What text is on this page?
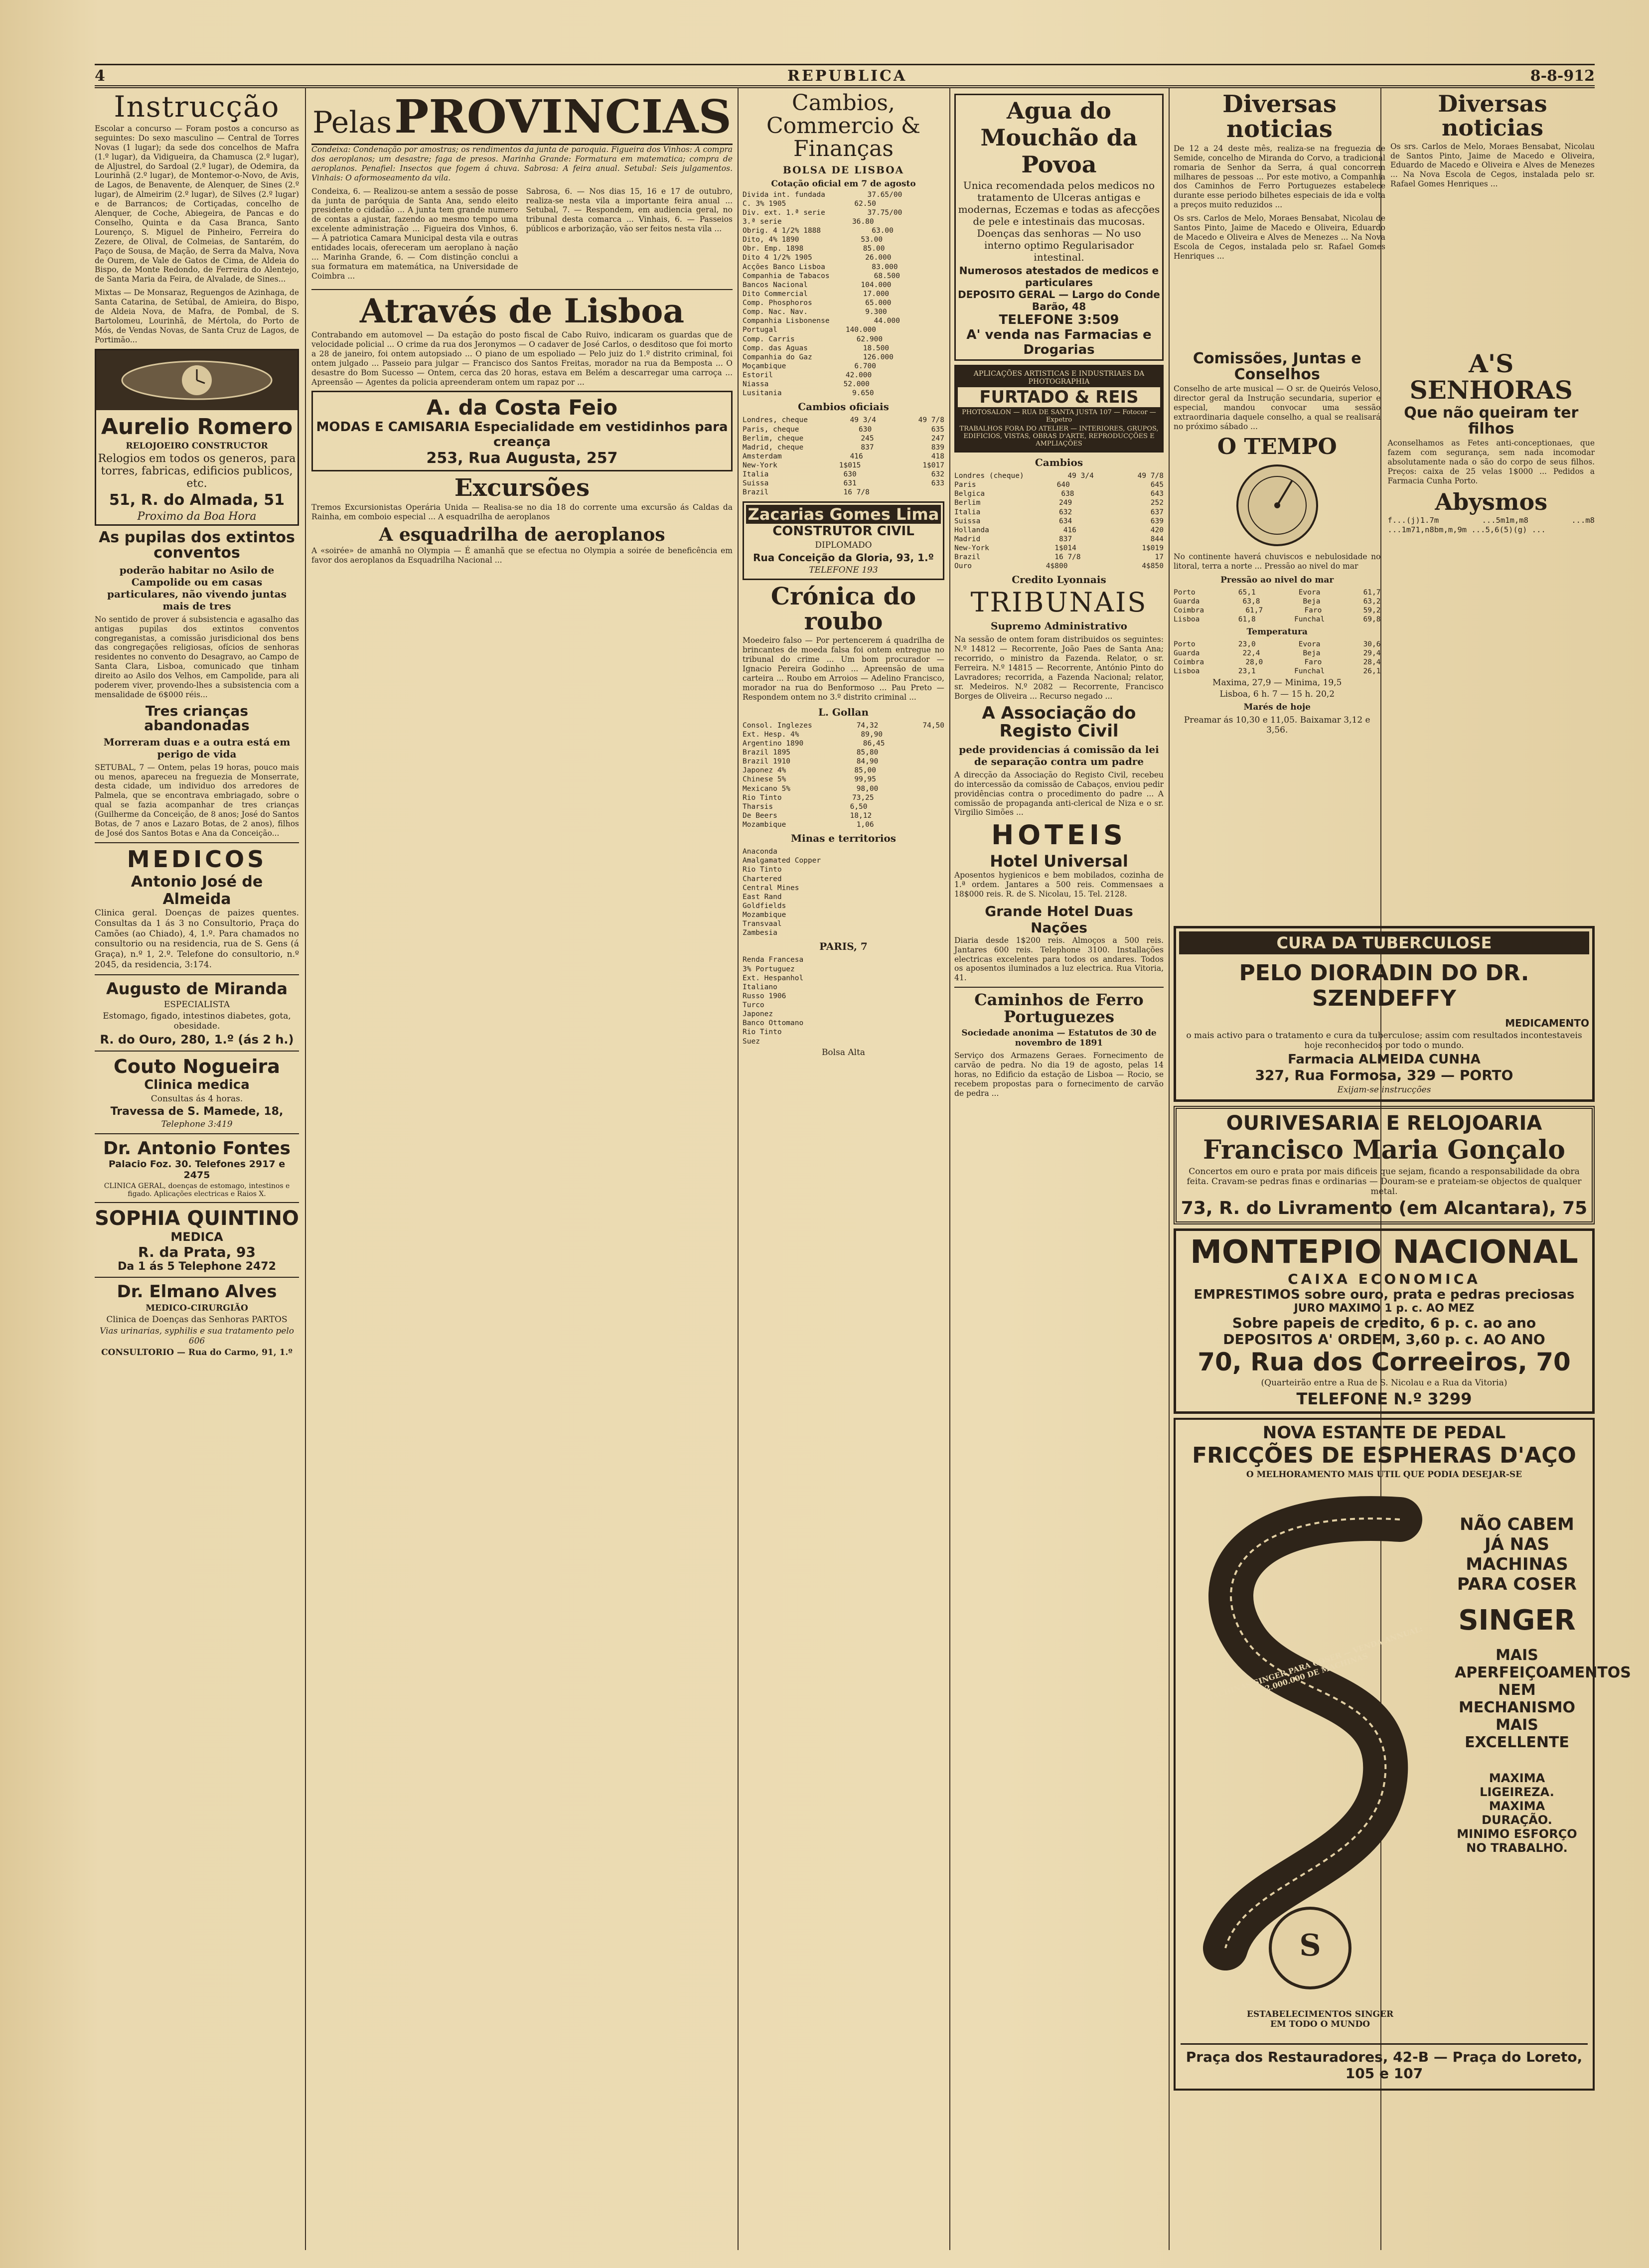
4	REPUBLICA	8-8-912
Instrucção

Escolar a concurso — Foram postos a concurso as seguintes: Do sexo masculino — Central de Torres Novas (1 lugar); da sede dos concelhos de Mafra (1.º lugar), da Vidigueira, da Chamusca (2.º lugar), de Aljustrel, do Sardoal (2.º lugar), de Odemira, da Lourinhã (2.º lugar), de Montemor-o-Novo, de Avis, de Lagos, de Benavente, de Alenquer, de Sines (2.º lugar), de Almeirim (2.º lugar), de Silves (2.º lugar) e de Barrancos; de Cortiçadas, concelho de Alenquer, de Coche, Abiegeira, de Pancas e do Conselho, Quinta e da Casa Branca, Santo Lourenço, S. Miguel de Pinheiro, Ferreira do Zezere, de Olival, de Colmeias, de Santarém, do Paço de Sousa, de Mação, de Serra da Malva, Nova de Ourem, de Vale de Gatos de Cima, de Aldeia do Bispo, de Monte Redondo, de Ferreira do Alentejo, de Santa Maria da Feira, de Alvalade, de Sines...

Mixtas — De Monsaraz, Reguengos de Azinhaga, de Santa Catarina, de Setúbal, de Amieira, do Bispo, de Aldeia Nova, de Mafra, de Pombal, de S. Bartolomeu, Lourinhã, de Mértola, do Porto de Mós, de Vendas Novas, de Santa Cruz de Lagos, de Portimão...

Aurelio Romero
RELOJOEIRO CONSTRUCTOR
Relogios em todos os generos, para torres, fabricas, edificios publicos, etc.
51, R. do Almada, 51
Proximo da Boa Hora
As pupilas dos extintos conventos
poderão habitar no Asilo de Campolide ou em casas particulares, não vivendo juntas mais de tres

No sentido de prover á subsistencia e agasalho das antigas pupilas dos extintos conventos congreganistas, a comissão jurisdicional dos bens das congregações religiosas, ofícios de senhoras residentes no convento do Desagravo, ao Campo de Santa Clara, Lisboa, comunicado que tinham direito ao Asilo dos Velhos, em Campolide, para ali poderem viver, provendo-lhes a subsistencia com a mensalidade de 6$000 réis...

Tres crianças abandonadas
Morreram duas e a outra está em perigo de vida

SETUBAL, 7 — Ontem, pelas 19 horas, pouco mais ou menos, apareceu na freguezia de Monserrate, desta cidade, um individuo dos arredores de Palmela, que se encontrava embriagado, sobre o qual se fazia acompanhar de tres crianças (Guilherme da Conceição, de 8 anos; José do Santos Botas, de 7 anos e Lazaro Botas, de 2 anos), filhos de José dos Santos Botas e Ana da Conceição...

MEDICOS
Antonio José de Almeida

Clinica geral. Doenças de paizes quentes. Consultas da 1 ás 3 no Consultorio, Praça do Camões (ao Chiado), 4, 1.º. Para chamados no consultorio ou na residencia, rua de S. Gens (á Graça), n.º 1, 2.º. Telefone do consultorio, n.º 2045, da residencia, 3:174.

Augusto de Miranda
ESPECIALISTA
Estomago, figado, intestinos diabetes, gota, obesidade.
R. do Ouro, 280, 1.º (ás 2 h.)
Couto Nogueira
Clinica medica
Consultas ás 4 horas.
Travessa de S. Mamede, 18,
Telephone 3:419
Dr. Antonio Fontes
Palacio Foz. 30. Telefones 2917 e 2475
CLINICA GERAL, doenças de estomago, intestinos e figado. Aplicações electricas e Raios X.
SOPHIA QUINTINO
MEDICA
R. da Prata, 93
Da 1 ás 5 Telephone 2472
Dr. Elmano Alves
MEDICO-CIRURGIÃO
Clinica de Doenças das Senhoras PARTOS
Vias urinarias, syphilis e sua tratamento pelo 606
CONSULTORIO — Rua do Carmo, 91, 1.º
Pelas PROVINCIAS

Condeixa: Condenação por amostras; os rendimentos da junta de paroquia. Figueira dos Vinhos: A compra dos aeroplanos; um desastre; faga de presos. Marinha Grande: Formatura em matematica; compra de aeroplanos. Penafiel: Insectos que fogem á chuva. Sabrosa: A feira anual. Setubal: Seis julgamentos. Vinhais: O aformoseamento da vila.

Condeixa, 6. — Realizou-se antem a sessão de posse da junta de paróquia de Santa Ana, sendo eleito presidente o cidadão ... A junta tem grande numero de contas a ajustar, fazendo ao mesmo tempo uma excelente administração ... Figueira dos Vinhos, 6. — Á patriotica Camara Municipal desta vila e outras entidades locais, ofereceram um aeroplano à nação ... Marinha Grande, 6. — Com distinção conclui a sua formatura em matemática, na Universidade de Coimbra ...

Sabrosa, 6. — Nos dias 15, 16 e 17 de outubro, realiza-se nesta vila a importante feira anual ... Setubal, 7. — Respondem, em audiencia geral, no tribunal desta comarca ... Vinhais, 6. — Passeios públicos e arborização, vão ser feitos nesta vila ...

Através de Lisboa

Contrabando em automovel — Da estação do posto fiscal de Cabo Ruivo, indicaram os guardas que de velocidade policial ... O crime da rua dos Jeronymos — O cadaver de José Carlos, o desditoso que foi morto a 28 de janeiro, foi ontem autopsiado ... O piano de um espoliado — Pelo juiz do 1.º distrito criminal, foi ontem julgado ... Passeio para julgar — Francisco dos Santos Freitas, morador na rua da Bemposta ... O desastre do Bom Sucesso — Ontem, cerca das 20 horas, estava em Belém a descarregar uma carroça ... Apreensão — Agentes da policia apreenderam ontem um rapaz por ...

A. da Costa Feio
MODAS E CAMISARIA Especialidade em vestidinhos para creança
253, Rua Augusta, 257
Excursões

Tremos Excursionistas Operária Unida — Realisa-se no dia 18 do corrente uma excursão ás Caldas da Rainha, em comboio especial ... A esquadrilha de aeroplanos

A esquadrilha de aeroplanos

A «soirée» de amanhã no Olympia — É amanhã que se efectua no Olympia a soirée de beneficência em favor dos aeroplanos da Esquadrilha Nacional ...

Cambios, Commercio & Finanças
BOLSA DE LISBOA
Cotação oficial em 7 de agosto
Divida int. fundada	37.65/00
C. 3% 1905	62.50
Div. ext. 1.ª serie	37.75/00
3.ª serie	36.80
Obrig. 4 1/2% 1888	63.00
Dito, 4% 1890	53.00
Obr. Emp. 1898	85.00
Dito 4 1/2% 1905	26.000
Acções Banco Lisboa	83.000
Companhia de Tabacos	68.500
Bancos Nacional	104.000
Dito Commercial	17.000
Comp. Phosphoros	65.000
Comp. Nac. Nav.	9.300
Companhia Lisbonense	44.000
Portugal	140.000
Comp. Carris	62.900
Comp. das Aguas	18.500
Companhia do Gaz	126.000
Moçambique	6.700
Estoril	42.000
Niassa	52.000
Lusitania	9.650
Cambios oficiais
Londres, cheque	49 3/4	49 7/8
Paris, cheque	630	635
Berlim, cheque	245	247
Madrid, cheque	837	839
Amsterdam	416	418
New-York	1$015	1$017
Italia	630	632
Suissa	631	633
Brazil	16 7/8
Zacarias Gomes Lima
CONSTRUTOR CIVIL
DIPLOMADO
Rua Conceição da Gloria, 93, 1.º
TELEFONE 193
Crónica do roubo

Moedeiro falso — Por pertencerem á quadrilha de brincantes de moeda falsa foi ontem entregue no tribunal do crime ... Um bom procurador — Ignacio Pereira Godinho ... Apreensão de uma carteira ... Roubo em Arroios — Adelino Francisco, morador na rua do Benformoso ... Pau Preto — Respondem ontem no 3.º distrito criminal ...

L. Gollan
Consol. Inglezes	74,32	74,50
Ext. Hesp. 4%	89,90
Argentino 1890	86,45
Brazil 1895	85,80
Brazil 1910	84,90
Japonez 4%	85,00
Chinese 5%	99,95
Mexicano 5%	98,00
Rio Tinto	73,25
Tharsis	6,50
De Beers	18,12
Mozambique	1,06
Minas e territorios
Anaconda
Amalgamated Copper
Rio Tinto
Chartered
Central Mines
East Rand
Goldfields
Mozambique
Transvaal
Zambesia
PARIS, 7
Renda Francesa
3% Portuguez
Ext. Hespanhol
Italiano
Russo 1906
Turco
Japonez
Banco Ottomano
Rio Tinto
Suez
Bolsa Alta
Agua do Mouchão da Povoa
Unica recomendada pelos medicos no tratamento de Ulceras antigas e modernas, Eczemas e todas as afecções de pele e intestinais das mucosas. Doenças das senhoras — No uso interno optimo Regularisador intestinal.
Numerosos atestados de medicos e particulares
DEPOSITO GERAL — Largo do Conde Barão, 48
TELEFONE 3:509
A' venda nas Farmacias e Drogarias
APLICAÇÕES ARTISTICAS E INDUSTRIAES DA PHOTOGRAPHIA
FURTADO & REIS
PHOTOSALON — RUA DE SANTA JUSTA 107 — Fotocor — Expetro
TRABALHOS FORA DO ATELIER — INTERIORES, GRUPOS, EDIFICIOS, VISTAS, OBRAS D'ARTE, REPRODUCÇÕES E AMPLIAÇÕES
Cambios
Londres (cheque)	49 3/4	49 7/8
Paris	640	645
Belgica	638	643
Berlim	249	252
Italia	632	637
Suissa	634	639
Hollanda	416	420
Madrid	837	844
New-York	1$014	1$019
Brazil	16 7/8	17
Ouro	4$800	4$850
Credito Lyonnais
TRIBUNAIS
Supremo Administrativo

Na sessão de ontem foram distribuidos os seguintes: N.º 14812 — Recorrente, João Paes de Santa Ana; recorrido, o ministro da Fazenda. Relator, o sr. Ferreira. N.º 14815 — Recorrente, António Pinto do Lavradores; recorrida, a Fazenda Nacional; relator, sr. Medeiros. N.º 2082 — Recorrente, Francisco Borges de Oliveira ... Recurso negado ...

A Associação do Registo Civil
pede providencias á comissão da lei de separação contra um padre

A direcção da Associação do Registo Civil, recebeu do intercessão da comissão de Cabaços, enviou pedir providências contra o procedimento do padre ... A comissão de propaganda anti-clerical de Niza e o sr. Virgilio Simões ...

HOTEIS
Hotel Universal

Aposentos hygienicos e bem mobilados, cozinha de 1.ª ordem. Jantares a 500 reis. Commensaes a 18$000 reis. R. de S. Nicolau, 15. Tel. 2128.

Grande Hotel Duas Nações

Diaria desde 1$200 reis. Almoços a 500 reis. Jantares 600 reis. Telephone 3100. Installações electricas excelentes para todos os andares. Todos os aposentos iluminados a luz electrica. Rua Vitoria, 41.

Caminhos de Ferro Portuguezes
Sociedade anonima — Estatutos de 30 de novembro de 1891

Serviço dos Armazens Geraes. Fornecimento de carvão de pedra. No dia 19 de agosto, pelas 14 horas, no Edificio da estação de Lisboa — Rocio, se recebem propostas para o fornecimento de carvão de pedra ...

Diversas noticias

De 12 a 24 deste mês, realiza-se na freguezia de Semide, concelho de Miranda do Corvo, a tradicional romaria de Senhor da Serra, á qual concorrem milhares de pessoas ... Por este motivo, a Companhia dos Caminhos de Ferro Portuguezes estabelece durante esse periodo bilhetes especiais de ida e volta a preços muito reduzidos ...

Os srs. Carlos de Melo, Moraes Bensabat, Nicolau de Santos Pinto, Jaime de Macedo e Oliveira, Eduardo de Macedo e Oliveira e Alves de Menezes ... Na Nova Escola de Cegos, instalada pelo sr. Rafael Gomes Henriques ...

Diversas noticias

Os srs. Carlos de Melo, Moraes Bensabat, Nicolau de Santos Pinto, Jaime de Macedo e Oliveira, Eduardo de Macedo e Oliveira e Alves de Menezes ... Na Nova Escola de Cegos, instalada pelo sr. Rafael Gomes Henriques ...

Comissões, Juntas e Conselhos

Conselho de arte musical — O sr. de Queirós Veloso, director geral da Instrução secundaria, superior e especial, mandou convocar uma sessão extraordinaria daquele conselho, a qual se realisará no próximo sábado ...

O TEMPO

No continente haverá chuviscos e nebulosidade no litoral, terra a norte ... Pressão ao nivel do mar

Pressão ao nivel do mar
Porto	65,1	Evora	61,7
Guarda	63,8	Beja	63,2
Coimbra	61,7	Faro	59,2
Lisboa	61,8	Funchal	69,8
Temperatura
Porto	23,0	Evora	30,6
Guarda	22,4	Beja	29,4
Coimbra	28,0	Faro	28,4
Lisboa	23,1	Funchal	26,1
Maxima, 27,9 — Minima, 19,5
Lisboa, 6 h. 7 — 15 h. 20,2
Marés de hoje
Preamar ás 10,30 e 11,05. Baixamar 3,12 e 3,56.
A'S SENHORAS
Que não queiram ter filhos

Aconselhamos as Fetes anti-conceptionaes, que fazem com segurança, sem nada incomodar absolutamente nada o são do corpo de seus filhos. Preços: caixa de 25 velas 1$000 ... Pedidos a Farmacia Cunha Porto.

Abysmos

f...(j)1.7m ...5m1m,m8 ...m8 ...1m71,n8bm,m,9m ...5,6(5)(g) ...

CURA DA TUBERCULOSE
PELO DIORADIN DO DR. SZENDEFFY
MEDICAMENTO
o mais activo para o tratamento e cura da tuberculose; assim com resultados incontestaveis hoje reconhecidos por todo o mundo.
Farmacia ALMEIDA CUNHA
327, Rua Formosa, 329 — PORTO
Exijam-se instrucções
OURIVESARIA E RELOJOARIA
Francisco Maria Gonçalo
Concertos em ouro e prata por mais dificeis que sejam, ficando a responsabilidade da obra feita. Cravam-se pedras finas e ordinarias — Douram-se e prateiam-se objectos de qualquer metal.
73, R. do Livramento (em Alcantara), 75
MONTEPIO NACIONAL
CAIXA ECONOMICA
EMPRESTIMOS sobre ouro, prata e pedras preciosas
JURO MAXIMO 1 p. c. AO MEZ
Sobre papeis de credito, 6 p. c. ao ano
DEPOSITOS A' ORDEM, 3,60 p. c. AO ANO
70, Rua dos Correeiros, 70
(Quarteirão entre a Rua de S. Nicolau e a Rua da Vitoria)
TELEFONE N.º 3299
NOVA ESTANTE DE PEDAL
FRICÇÕES DE ESPHERAS D'AÇO
O MELHORAMENTO MAIS UTIL QUE PODIA DESEJAR-SE
S
MACHINAS SINGER PARA COSER — VENDA ANNUAL: 2.000.000 DE MACHINAS
NÃO CABEM JÁ NAS MACHINAS PARA COSER
SINGER
MAIS APERFEIÇOAMENTOS NEM MECHANISMO MAIS EXCELLENTE
MAXIMA LIGEIREZA. MAXIMA DURAÇÃO. MINIMO ESFORÇO NO TRABALHO.
ESTABELECIMENTOS SINGER EM TODO O MUNDO
Praça dos Restauradores, 42-B — Praça do Loreto, 105 e 107
